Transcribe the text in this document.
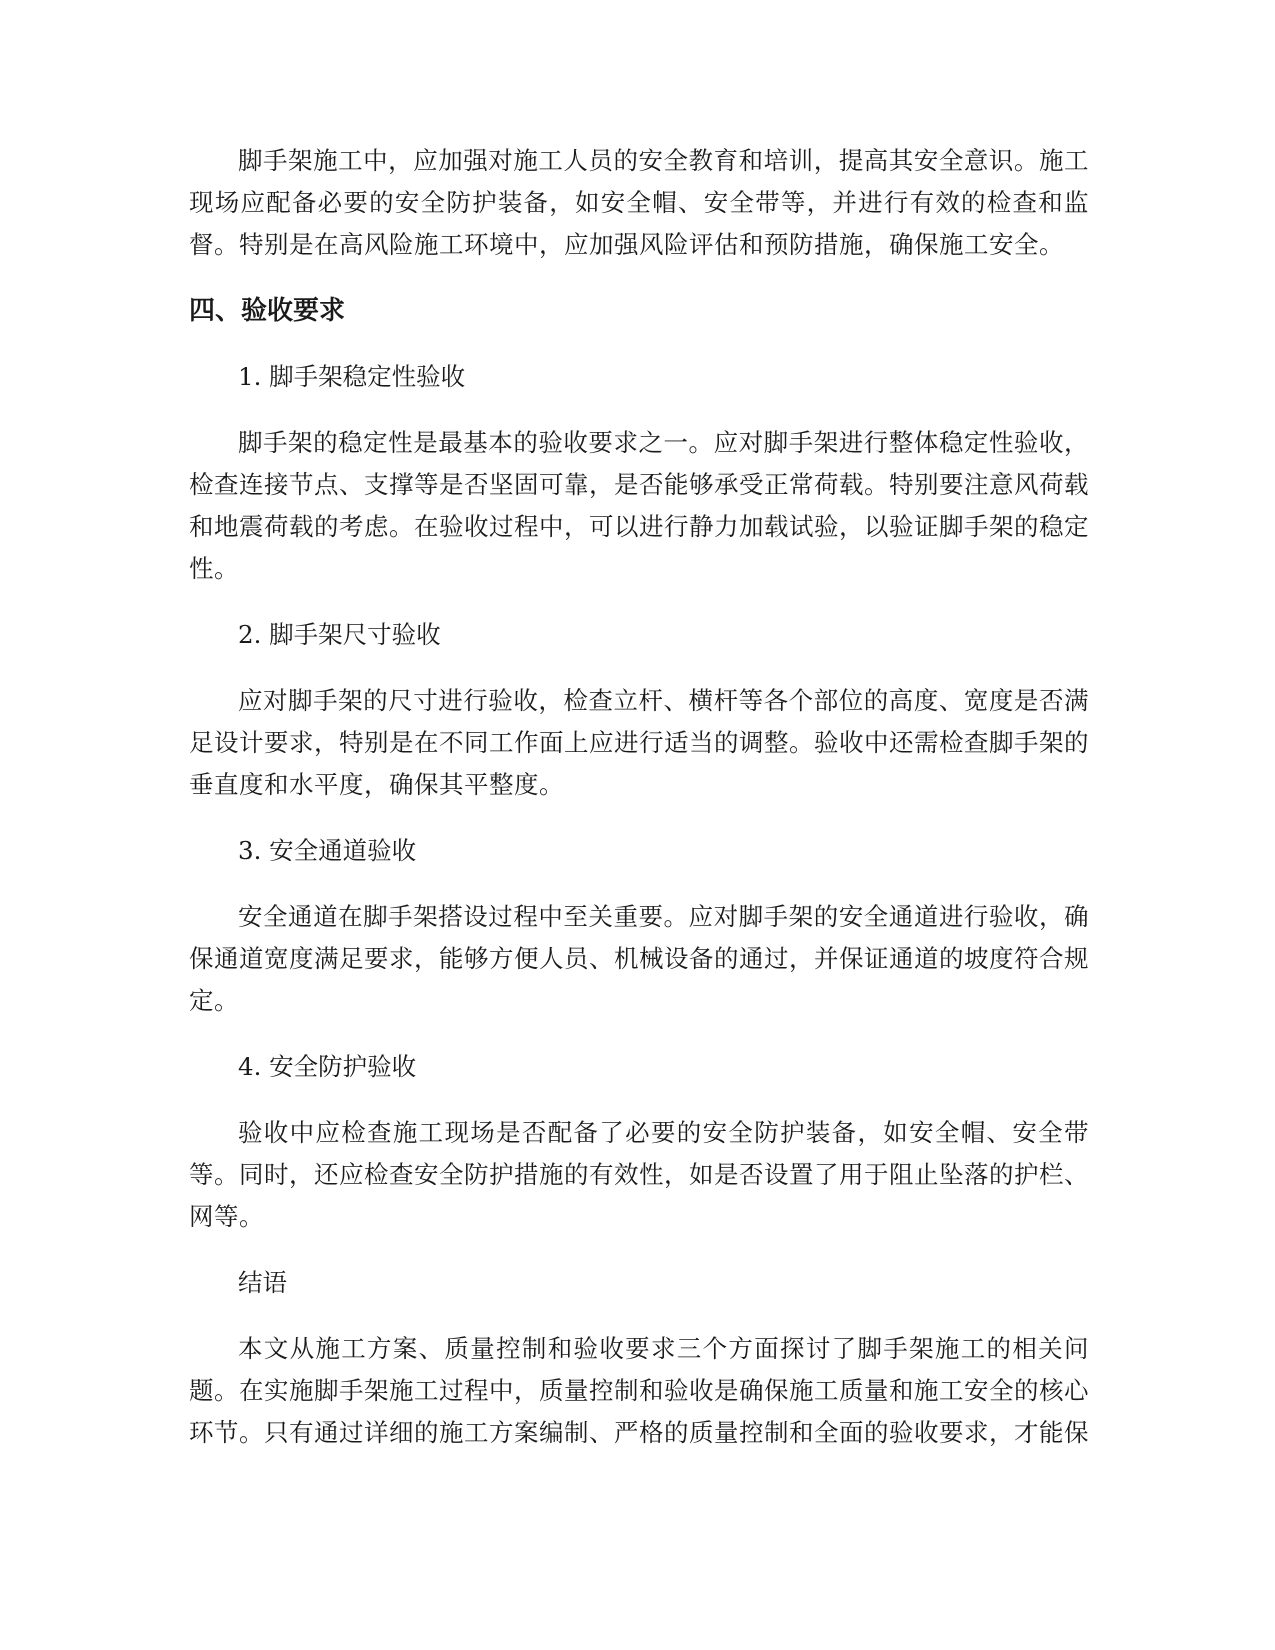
脚手架施工中，应加强对施工人员的安全教育和培训，提高其安全意识。施工现场应配备必要的安全防护装备，如安全帽、安全带等，并进行有效的检查和监督。特别是在高风险施工环境中，应加强风险评估和预防措施，确保施工安全。

四、验收要求

1. 脚手架稳定性验收

脚手架的稳定性是最基本的验收要求之一。应对脚手架进行整体稳定性验收，检查连接节点、支撑等是否坚固可靠，是否能够承受正常荷载。特别要注意风荷载和地震荷载的考虑。在验收过程中，可以进行静力加载试验，以验证脚手架的稳定性。

2. 脚手架尺寸验收

应对脚手架的尺寸进行验收，检查立杆、横杆等各个部位的高度、宽度是否满足设计要求，特别是在不同工作面上应进行适当的调整。验收中还需检查脚手架的垂直度和水平度，确保其平整度。

3. 安全通道验收

安全通道在脚手架搭设过程中至关重要。应对脚手架的安全通道进行验收，确保通道宽度满足要求，能够方便人员、机械设备的通过，并保证通道的坡度符合规定。

4. 安全防护验收

验收中应检查施工现场是否配备了必要的安全防护装备，如安全帽、安全带等。同时，还应检查安全防护措施的有效性，如是否设置了用于阻止坠落的护栏、网等。

结语

本文从施工方案、质量控制和验收要求三个方面探讨了脚手架施工的相关问题。在实施脚手架施工过程中，质量控制和验收是确保施工质量和施工安全的核心环节。只有通过详细的施工方案编制、严格的质量控制和全面的验收要求，才能保
